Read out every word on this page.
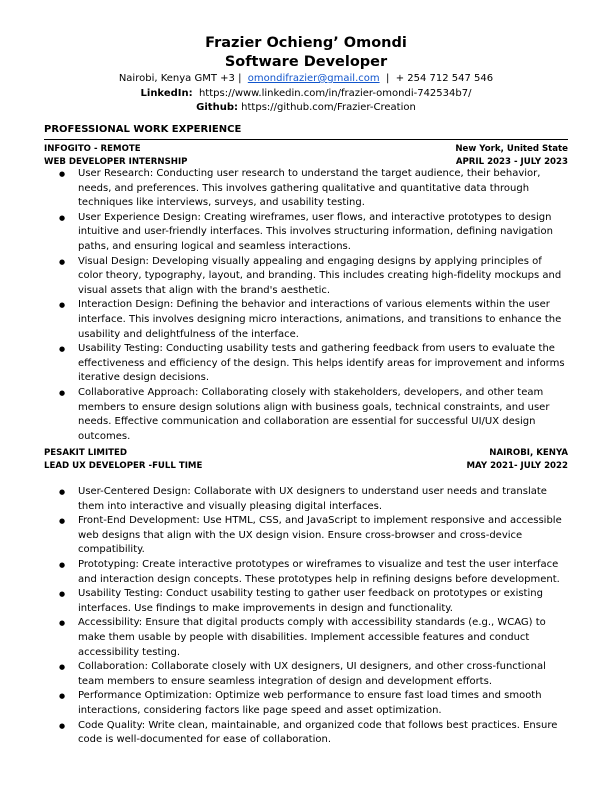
Frazier Ochieng’ Omondi
Software Developer
Nairobi, Kenya GMT +3 | omondifrazier@gmail.com | + 254 712 547 546
LinkedIn: https://www.linkedin.com/in/frazier-omondi-742534b7/
Github: https://github.com/Frazier-Creation
PROFESSIONAL WORK EXPERIENCE
INFOGITO - REMOTE	New York, United State
WEB DEVELOPER INTERNSHIP	APRIL 2023 - JULY 2023
● User Research: Conducting user research to understand the target audience, their behavior, needs, and preferences. This involves gathering qualitative and quantitative data through techniques like interviews, surveys, and usability testing.
● User Experience Design: Creating wireframes, user flows, and interactive prototypes to design intuitive and user-friendly interfaces. This involves structuring information, defining navigation paths, and ensuring logical and seamless interactions.
● Visual Design: Developing visually appealing and engaging designs by applying principles of color theory, typography, layout, and branding. This includes creating high-fidelity mockups and visual assets that align with the brand's aesthetic.
● Interaction Design: Defining the behavior and interactions of various elements within the user interface. This involves designing micro interactions, animations, and transitions to enhance the usability and delightfulness of the interface.
● Usability Testing: Conducting usability tests and gathering feedback from users to evaluate the effectiveness and efficiency of the design. This helps identify areas for improvement and informs iterative design decisions.
● Collaborative Approach: Collaborating closely with stakeholders, developers, and other team members to ensure design solutions align with business goals, technical constraints, and user needs. Effective communication and collaboration are essential for successful UI/UX design outcomes.
PESAKIT LIMITED	NAIROBI, KENYA
LEAD UX DEVELOPER -FULL TIME	MAY 2021- JULY 2022
● User-Centered Design: Collaborate with UX designers to understand user needs and translate them into interactive and visually pleasing digital interfaces.
● Front-End Development: Use HTML, CSS, and JavaScript to implement responsive and accessible web designs that align with the UX design vision. Ensure cross-browser and cross-device compatibility.
● Prototyping: Create interactive prototypes or wireframes to visualize and test the user interface and interaction design concepts. These prototypes help in refining designs before development.
● Usability Testing: Conduct usability testing to gather user feedback on prototypes or existing interfaces. Use findings to make improvements in design and functionality.
● Accessibility: Ensure that digital products comply with accessibility standards (e.g., WCAG) to make them usable by people with disabilities. Implement accessible features and conduct accessibility testing.
● Collaboration: Collaborate closely with UX designers, UI designers, and other cross-functional team members to ensure seamless integration of design and development efforts.
● Performance Optimization: Optimize web performance to ensure fast load times and smooth interactions, considering factors like page speed and asset optimization.
● Code Quality: Write clean, maintainable, and organized code that follows best practices. Ensure code is well-documented for ease of collaboration.
